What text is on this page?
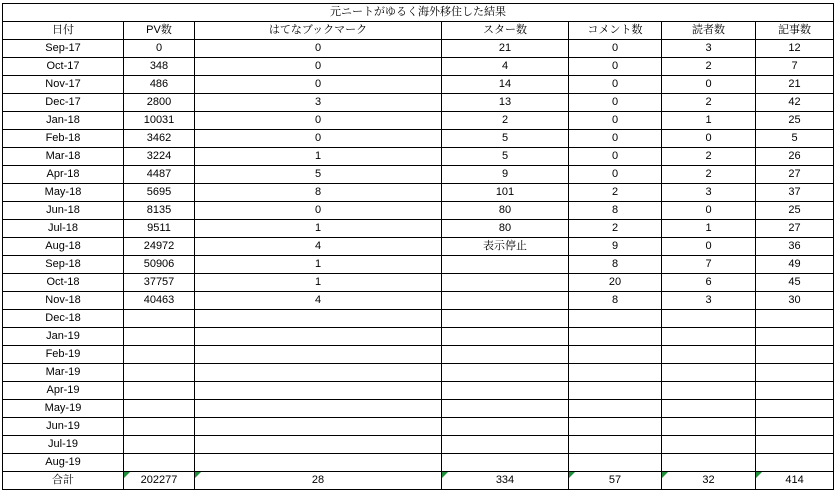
元ニートがゆるく海外移住した結果						
日付	PV数	はてなブックマーク	スター数	コメント数	読者数	記事数
Sep-17	0	0	21	0	3	12
Oct-17	348	0	4	0	2	7
Nov-17	486	0	14	0	0	21
Dec-17	2800	3	13	0	2	42
Jan-18	10031	0	2	0	1	25
Feb-18	3462	0	5	0	0	5
Mar-18	3224	1	5	0	2	26
Apr-18	4487	5	9	0	2	27
May-18	5695	8	101	2	3	37
Jun-18	8135	0	80	8	0	25
Jul-18	9511	1	80	2	1	27
Aug-18	24972	4	表示停止	9	0	36
Sep-18	50906	1		8	7	49
Oct-18	37757	1		20	6	45
Nov-18	40463	4		8	3	30
Dec-18						
Jan-19						
Feb-19						
Mar-19						
Apr-19						
May-19						
Jun-19						
Jul-19						
Aug-19						
合計	202277	28	334	57	32	414
